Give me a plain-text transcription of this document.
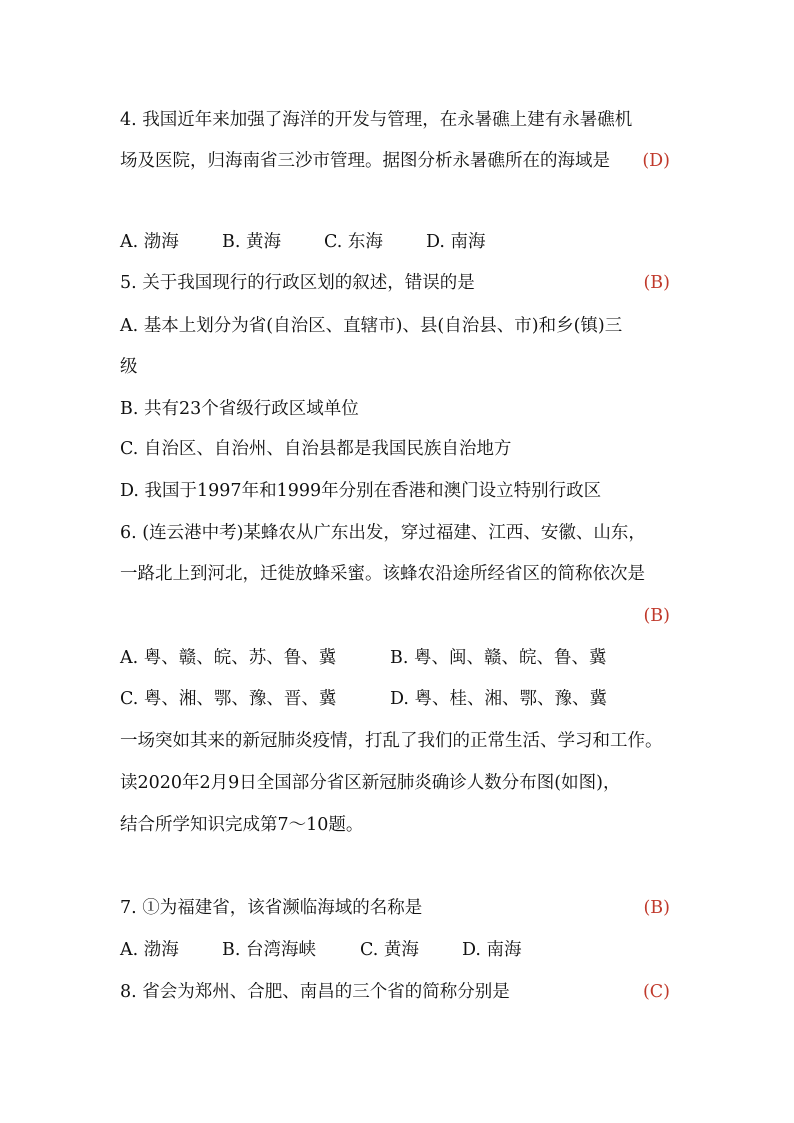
4. 我国近年来加强了海洋的开发与管理，在永暑礁上建有永暑礁机
场及医院，归海南省三沙市管理。据图分析永暑礁所在的海域是 (D)
A. 渤海 B. 黄海 C. 东海 D. 南海
5. 关于我国现行的行政区划的叙述，错误的是	(B)
A. 基本上划分为省(自治区、直辖市)、县(自治县、市)和乡(镇)三
级
B. 共有23个省级行政区域单位
C. 自治区、自治州、自治县都是我国民族自治地方
D. 我国于1997年和1999年分别在香港和澳门设立特别行政区
6. (连云港中考)某蜂农从广东出发，穿过福建、江西、安徽、山东，
一路北上到河北，迁徙放蜂采蜜。该蜂农沿途所经省区的简称依次是
(B)
A. 粤、赣、皖、苏、鲁、冀	B. 粤、闽、赣、皖、鲁、冀
C. 粤、湘、鄂、豫、晋、冀	D. 粤、桂、湘、鄂、豫、冀
一场突如其来的新冠肺炎疫情，打乱了我们的正常生活、学习和工作。
读2020年2月9日全国部分省区新冠肺炎确诊人数分布图(如图)，
结合所学知识完成第7～10题。
7. ①为福建省，该省濒临海域的名称是	(B)
A. 渤海 B. 台湾海峡	C. 黄海 D. 南海
8. 省会为郑州、合肥、南昌的三个省的简称分别是	(C)
